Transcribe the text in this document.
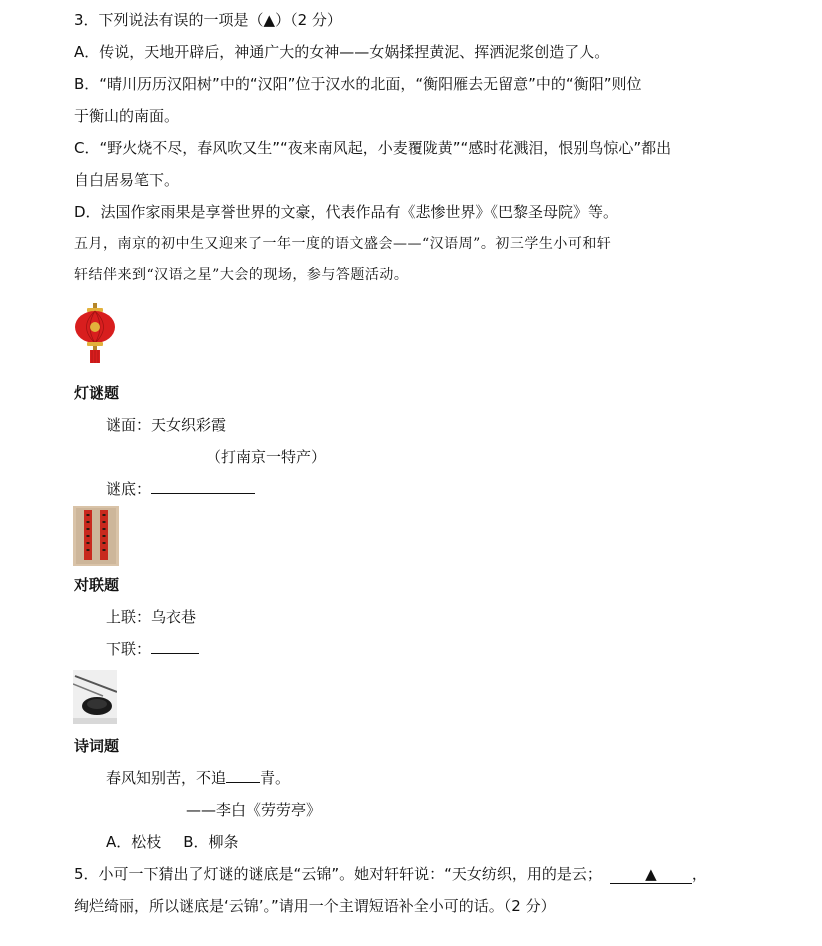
3．下列说法有误的一项是（▲）（2 分）
A．传说，天地开辟后，神通广大的女神——女娲揉捏黄泥、挥洒泥浆创造了人。
B．“晴川历历汉阳树”中的“汉阳”位于汉水的北面，“衡阳雁去无留意”中的“衡阳”则位
于衡山的南面。
C．“野火烧不尽，春风吹又生”“夜来南风起，小麦覆陇黄”“感时花溅泪，恨别鸟惊心”都出
自白居易笔下。
D．法国作家雨果是享誉世界的文豪，代表作品有《悲惨世界》《巴黎圣母院》等。
五月，南京的初中生又迎来了一年一度的语文盛会——“汉语周”。初三学生小可和轩
轩结伴来到“汉语之星”大会的现场，参与答题活动。
灯谜题
谜面：天女织彩霞
（打南京一特产）
谜底：
对联题
上联：乌衣巷
下联：
诗词题
春风知别苦，不追 青。
——李白《劳劳亭》
A．松枝 B．柳条
5．小可一下猜出了灯谜的谜底是“云锦”。她对轩轩说：“天女纺织，用的是云；	▲ ，
绚烂绮丽，所以谜底是‘云锦’。”请用一个主谓短语补全小可的话。（2 分）
